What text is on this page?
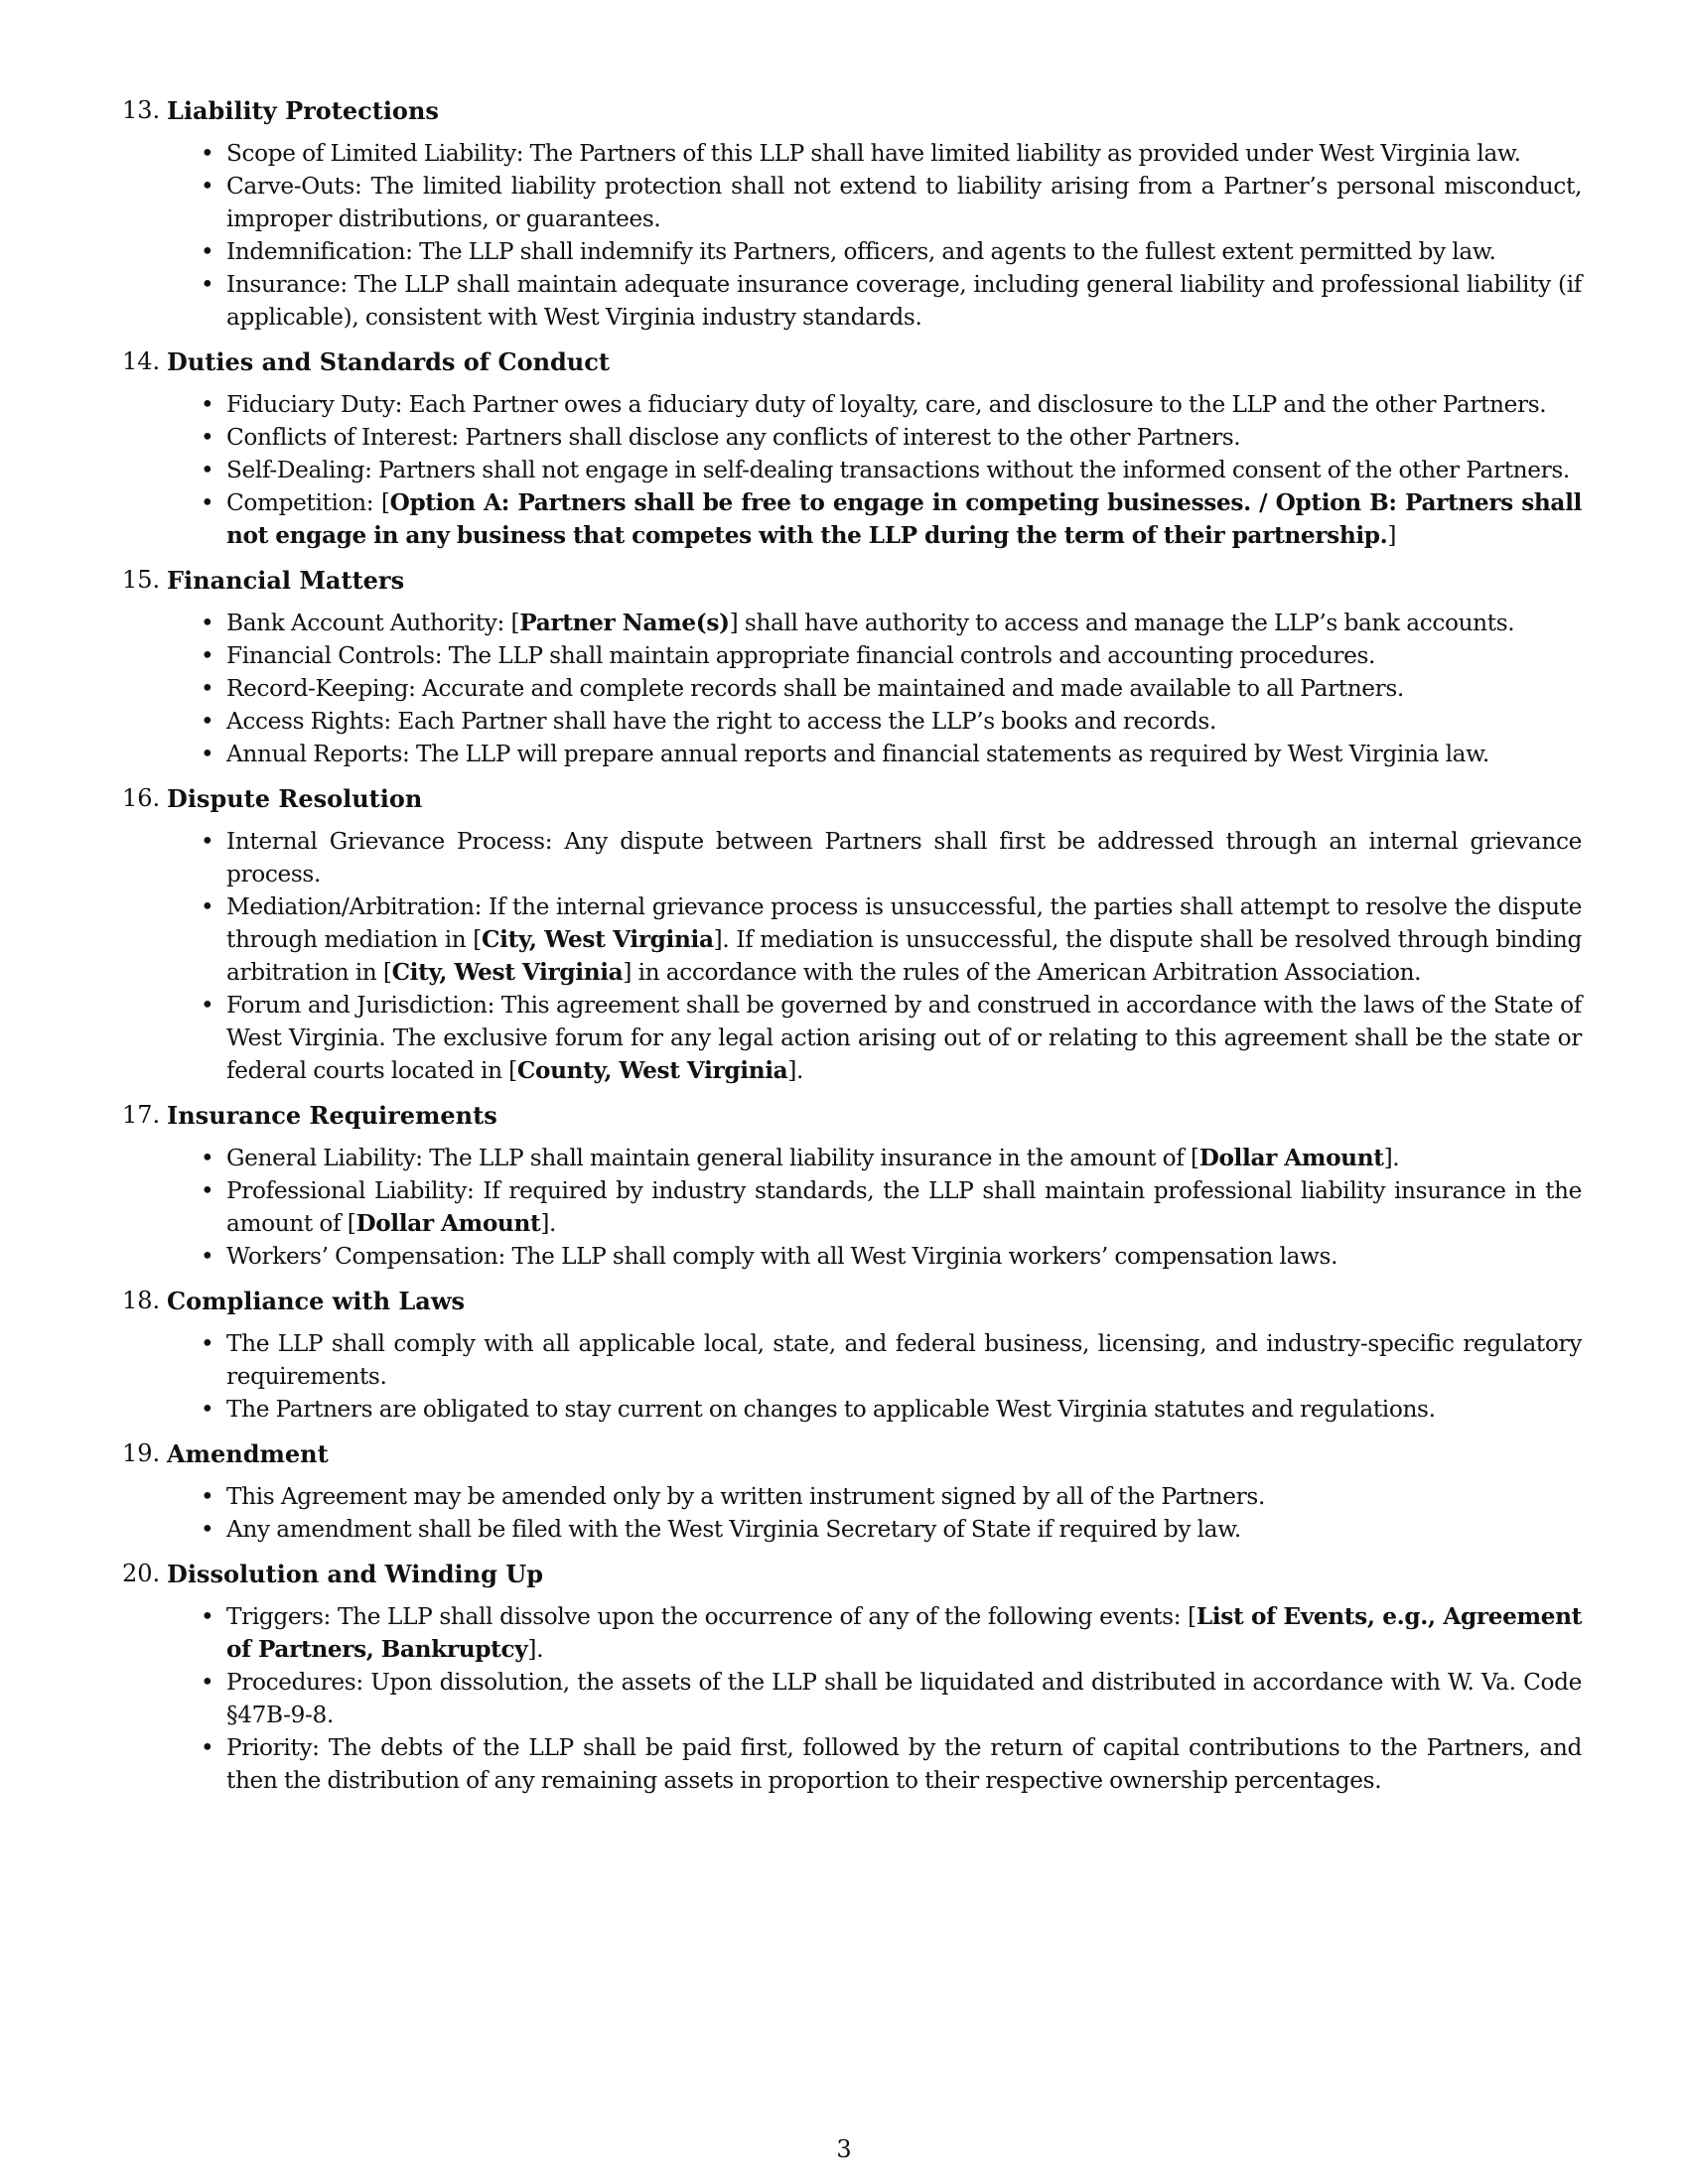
13. Liability Protections
• Scope of Limited Liability: The Partners of this LLP shall have limited liability as provided under West Virginia law.
• Carve-Outs: The limited liability protection shall not extend to liability arising from a Partner’s personal misconduct, improper distributions, or guarantees.
• Indemnification: The LLP shall indemnify its Partners, officers, and agents to the fullest extent permitted by law.
• Insurance: The LLP shall maintain adequate insurance coverage, including general liability and professional liability (if applicable), consistent with West Virginia industry standards.
14. Duties and Standards of Conduct
• Fiduciary Duty: Each Partner owes a fiduciary duty of loyalty, care, and disclosure to the LLP and the other Partners.
• Conflicts of Interest: Partners shall disclose any conflicts of interest to the other Partners.
• Self-Dealing: Partners shall not engage in self-dealing transactions without the informed consent of the other Partners.
• Competition: [Option A: Partners shall be free to engage in competing businesses. / Option B: Partners shall not engage in any business that competes with the LLP during the term of their partnership.]
15. Financial Matters
• Bank Account Authority: [Partner Name(s)] shall have authority to access and manage the LLP’s bank accounts.
• Financial Controls: The LLP shall maintain appropriate financial controls and accounting procedures.
• Record-Keeping: Accurate and complete records shall be maintained and made available to all Partners.
• Access Rights: Each Partner shall have the right to access the LLP’s books and records.
• Annual Reports: The LLP will prepare annual reports and financial statements as required by West Virginia law.
16. Dispute Resolution
• Internal Grievance Process: Any dispute between Partners shall first be addressed through an internal grievance process.
• Mediation/Arbitration: If the internal grievance process is unsuccessful, the parties shall attempt to resolve the dispute through mediation in [City, West Virginia]. If mediation is unsuccessful, the dispute shall be resolved through binding arbitration in [City, West Virginia] in accordance with the rules of the American Arbitration Association.
• Forum and Jurisdiction: This agreement shall be governed by and construed in accordance with the laws of the State of West Virginia. The exclusive forum for any legal action arising out of or relating to this agreement shall be the state or federal courts located in [County, West Virginia].
17. Insurance Requirements
• General Liability: The LLP shall maintain general liability insurance in the amount of [Dollar Amount].
• Professional Liability: If required by industry standards, the LLP shall maintain professional liability insurance in the amount of [Dollar Amount].
• Workers’ Compensation: The LLP shall comply with all West Virginia workers’ compensation laws.
18. Compliance with Laws
• The LLP shall comply with all applicable local, state, and federal business, licensing, and industry-specific regulatory requirements.
• The Partners are obligated to stay current on changes to applicable West Virginia statutes and regulations.
19. Amendment
• This Agreement may be amended only by a written instrument signed by all of the Partners.
• Any amendment shall be filed with the West Virginia Secretary of State if required by law.
20. Dissolution and Winding Up
• Triggers: The LLP shall dissolve upon the occurrence of any of the following events: [List of Events, e.g., Agreement of Partners, Bankruptcy].
• Procedures: Upon dissolution, the assets of the LLP shall be liquidated and distributed in accordance with W. Va. Code §47B-9-8.
• Priority: The debts of the LLP shall be paid first, followed by the return of capital contributions to the Partners, and then the distribution of any remaining assets in proportion to their respective ownership percentages.
3
